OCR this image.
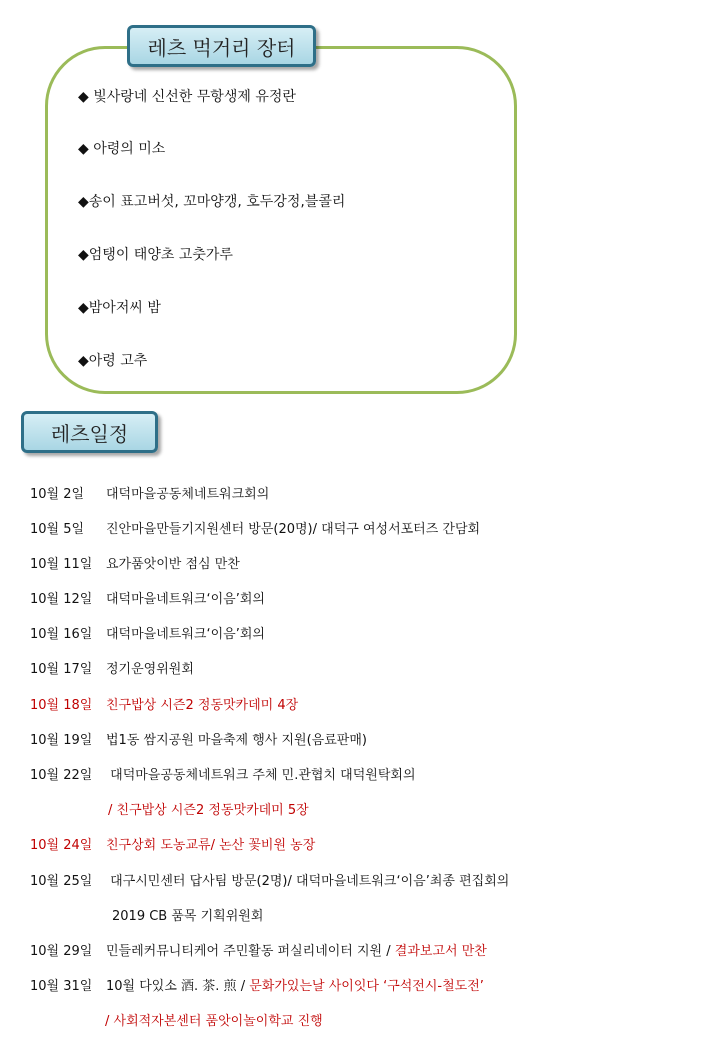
레츠 먹거리 장터
◆ 빛사랑네 신선한 무항생제 유정란
◆ 아령의 미소
◆송이 표고버섯, 꼬마양갱, 호두강정,블콜리
◆엄탱이 태양초 고춧가루
◆밤아저씨 밤
◆아령 고추
레츠일정
10월 2일 대덕마을공동체네트워크회의
10월 5일 진안마을만들기지원센터 방문(20명)/ 대덕구 여성서포터즈 간담회
10월 11일 요가품앗이반 점심 만찬
10월 12일 대덕마을네트워크‘이음’회의
10월 16일 대덕마을네트워크‘이음’회의
10월 17일 정기운영위원회
10월 18일 친구밥상 시즌2 정동맛카데미 4장
10월 19일 법1동 쌈지공원 마을축제 행사 지원(음료판매)
10월 22일 대덕마을공동체네트워크 주체 민.관협치 대덕원탁회의
/ 친구밥상 시즌2 정동맛카데미 5장
10월 24일 친구상회 도농교류/ 논산 꽃비원 농장
10월 25일 대구시민센터 답사팀 방문(2명)/ 대덕마을네트워크‘이음’최종 편집회의
2019 CB 품목 기획위원회
10월 29일 민들레커뮤니티케어 주민활동 퍼실리네이터 지원 / 결과보고서 만찬
10월 31일 10월 다있소 酒. 茶. 煎 / 문화가있는날 사이잇다 ‘구석전시-철도전’
/ 사회적자본센터 품앗이놀이학교 진행
